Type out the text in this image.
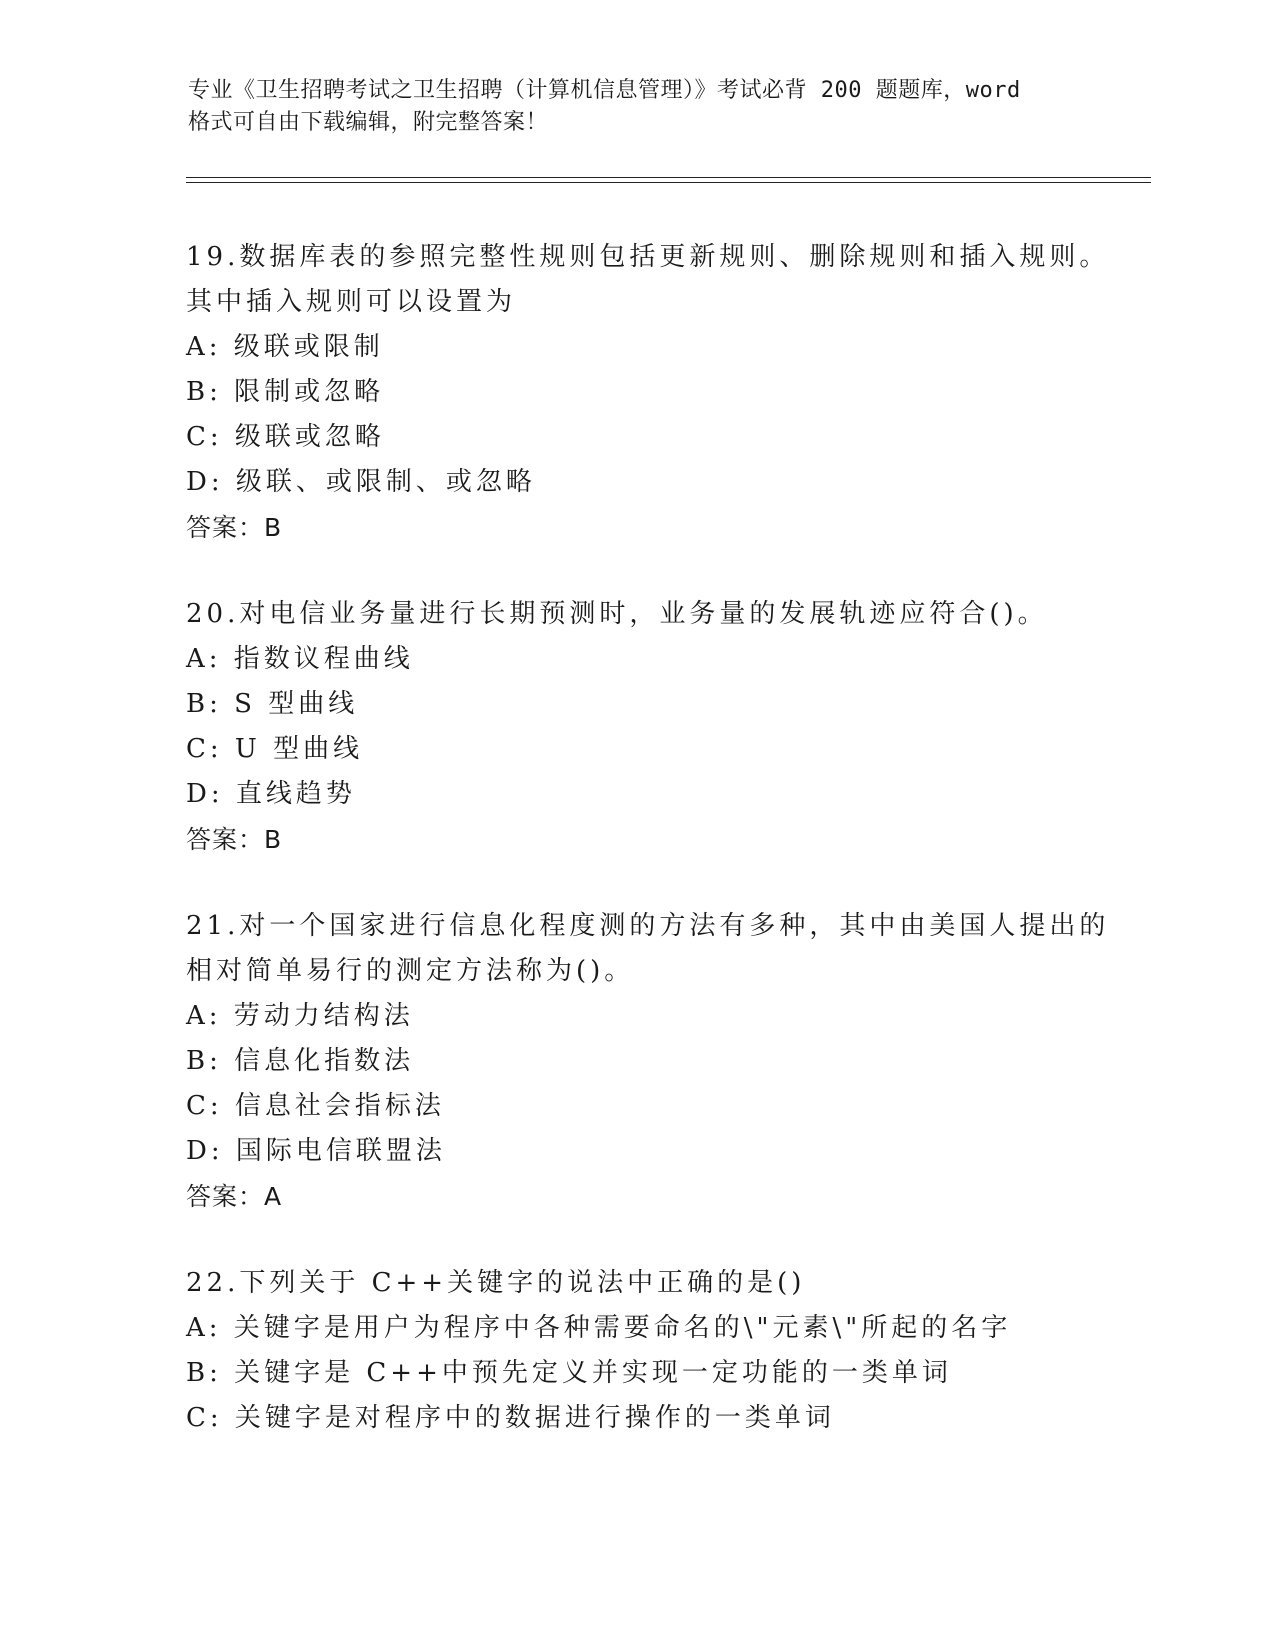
专业《卫生招聘考试之卫生招聘（计算机信息管理）》考试必背 200 题题库，word
格式可自由下载编辑，附完整答案！
19.数据库表的参照完整性规则包括更新规则、删除规则和插入规则。
其中插入规则可以设置为
A: 级联或限制
B: 限制或忽略
C: 级联或忽略
D: 级联、或限制、或忽略
答案：B
20.对电信业务量进行长期预测时，业务量的发展轨迹应符合()。
A: 指数议程曲线
B: S 型曲线
C: U 型曲线
D: 直线趋势
答案：B
21.对一个国家进行信息化程度测的方法有多种，其中由美国人提出的
相对简单易行的测定方法称为()。
A: 劳动力结构法
B: 信息化指数法
C: 信息社会指标法
D: 国际电信联盟法
答案：A
22.下列关于 C++关键字的说法中正确的是()
A: 关键字是用户为程序中各种需要命名的\"元素\"所起的名字
B: 关键字是 C++中预先定义并实现一定功能的一类单词
C: 关键字是对程序中的数据进行操作的一类单词
